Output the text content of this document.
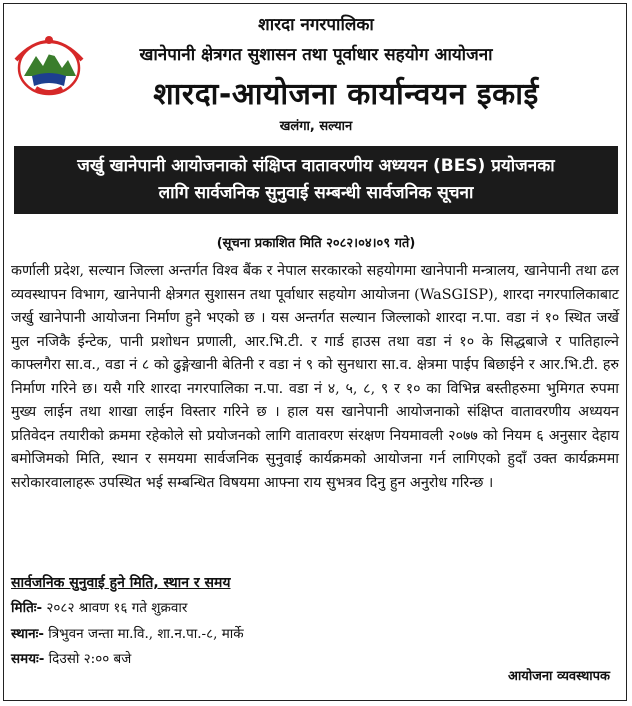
शारदा नगरपालिका
खानेपानी क्षेत्रगत सुशासन तथा पूर्वाधार सहयोग आयोजना
शारदा-आयोजना कार्यान्वयन इकाई
खलंगा, सल्यान
जर्खु खानेपानी आयोजनाको संक्षिप्त वातावरणीय अध्ययन (BES) प्रयोजनका
लागि सार्वजनिक सुनुवाई सम्बन्धी सार्वजनिक सूचना
(सूचना प्रकाशित मिति २०८२।०४।०९ गते)
कर्णाली प्रदेश, सल्यान जिल्ला अन्तर्गत विश्व बैंक र नेपाल सरकारको सहयोगमा खानेपानी मन्त्रालय, खानेपानी तथा ढल व्यवस्थापन विभाग, खानेपानी क्षेत्रगत सुशासन तथा पूर्वाधार सहयोग आयोजना (WaSGISP), शारदा नगरपालिकाबाट जर्खु खानेपानी आयोजना निर्माण हुने भएको छ । यस अन्तर्गत सल्यान जिल्लाको शारदा न.पा. वडा नं १० स्थित जर्खे मुल नजिकै ईन्टेक, पानी प्रशोधन प्रणाली, आर.भि.टी. र गार्ड हाउस तथा वडा नं १० के सिद्धबाजे र पातिहाल्ने काफ्लगैरा सा.व., वडा नं ८ को ढुङ्गेखानी बेतिनी र वडा नं ९ को सुनधारा सा.व. क्षेत्रमा पाईप बिछाईने र आर.भि.टी. हरु निर्माण गरिने छ। यसै गरि शारदा नगरपालिका न.पा. वडा नं ४, ५, ८, ९ र १० का विभिन्न बस्तीहरुमा भुमिगत रुपमा मुख्य लाईन तथा शाखा लाईन विस्तार गरिने छ । हाल यस खानेपानी आयोजनाको संक्षिप्त वातावरणीय अध्ययन प्रतिवेदन तयारीको क्रममा रहेकोले सो प्रयोजनको लागि वातावरण संरक्षण नियमावली २०७७ को नियम ६ अनुसार देहाय बमोजिमको मिति, स्थान र समयमा सार्वजनिक सुनुवाई कार्यक्रमको आयोजना गर्न लागिएको हुदाँ उक्त कार्यक्रममा सरोकारवालाहरू उपस्थित भई सम्बन्धित विषयमा आफ्ना राय सुभत्रव दिनु हुन अनुरोध गरिन्छ ।
सार्वजनिक सुनुवाई हुने मिति, स्थान र समय
मितिः- २०८२ श्रावण १६ गते शुक्रवार
स्थानः- त्रिभुवन जन्ता मा.वि., शा.न.पा.-८, मार्के
समयः- दिउसो २:०० बजे
आयोजना व्यवस्थापक
